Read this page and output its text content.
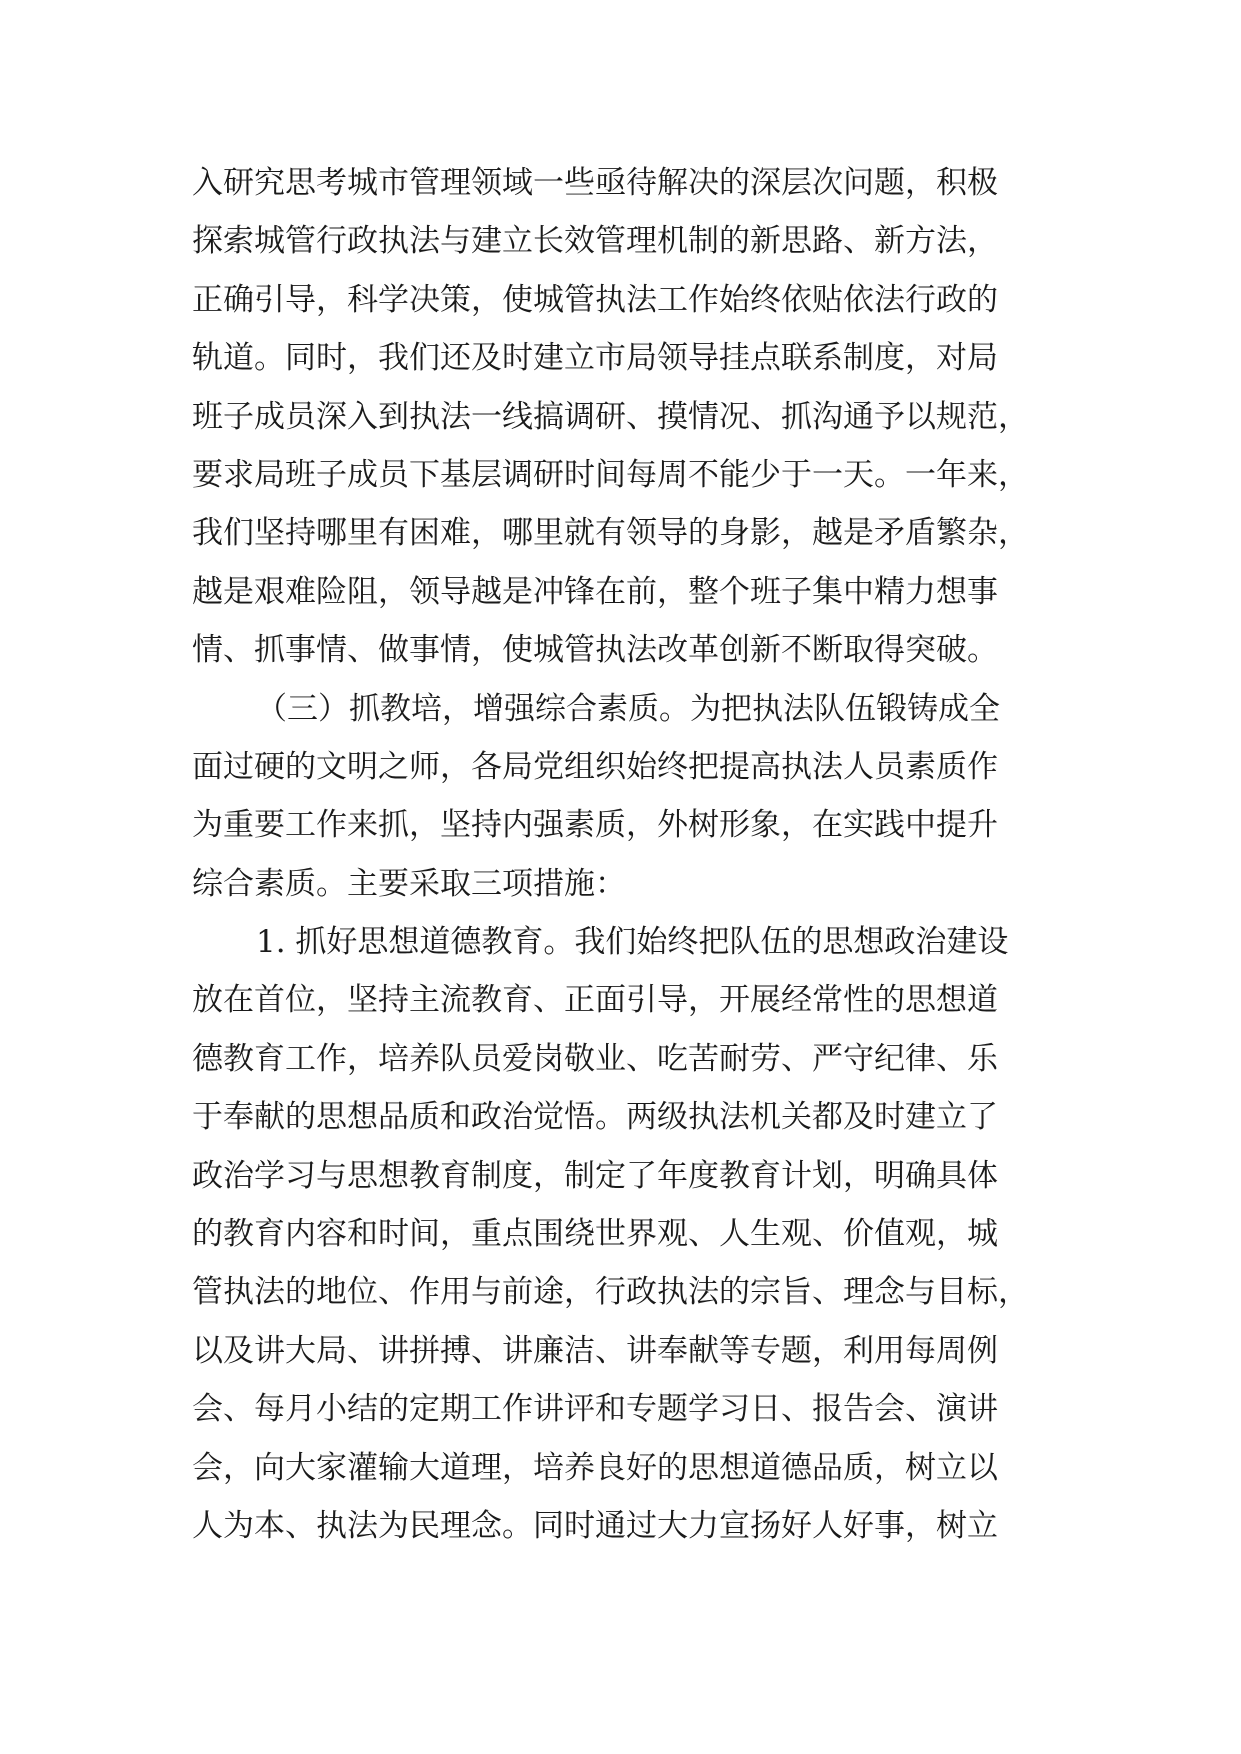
入研究思考城市管理领域一些亟待解决的深层次问题，积极
探索城管行政执法与建立长效管理机制的新思路、新方法，
正确引导，科学决策，使城管执法工作始终依贴依法行政的
轨道。同时，我们还及时建立市局领导挂点联系制度，对局
班子成员深入到执法一线搞调研、摸情况、抓沟通予以规范，
要求局班子成员下基层调研时间每周不能少于一天。一年来，
我们坚持哪里有困难，哪里就有领导的身影，越是矛盾繁杂，
越是艰难险阻，领导越是冲锋在前，整个班子集中精力想事
情、抓事情、做事情，使城管执法改革创新不断取得突破。
（三）抓教培，增强综合素质。为把执法队伍锻铸成全
面过硬的文明之师，各局党组织始终把提高执法人员素质作
为重要工作来抓，坚持内强素质，外树形象，在实践中提升
综合素质。主要采取三项措施：
1. 抓好思想道德教育。我们始终把队伍的思想政治建设
放在首位，坚持主流教育、正面引导，开展经常性的思想道
德教育工作，培养队员爱岗敬业、吃苦耐劳、严守纪律、乐
于奉献的思想品质和政治觉悟。两级执法机关都及时建立了
政治学习与思想教育制度，制定了年度教育计划，明确具体
的教育内容和时间，重点围绕世界观、人生观、价值观，城
管执法的地位、作用与前途，行政执法的宗旨、理念与目标，
以及讲大局、讲拼搏、讲廉洁、讲奉献等专题，利用每周例
会、每月小结的定期工作讲评和专题学习日、报告会、演讲
会，向大家灌输大道理，培养良好的思想道德品质，树立以
人为本、执法为民理念。同时通过大力宣扬好人好事，树立
